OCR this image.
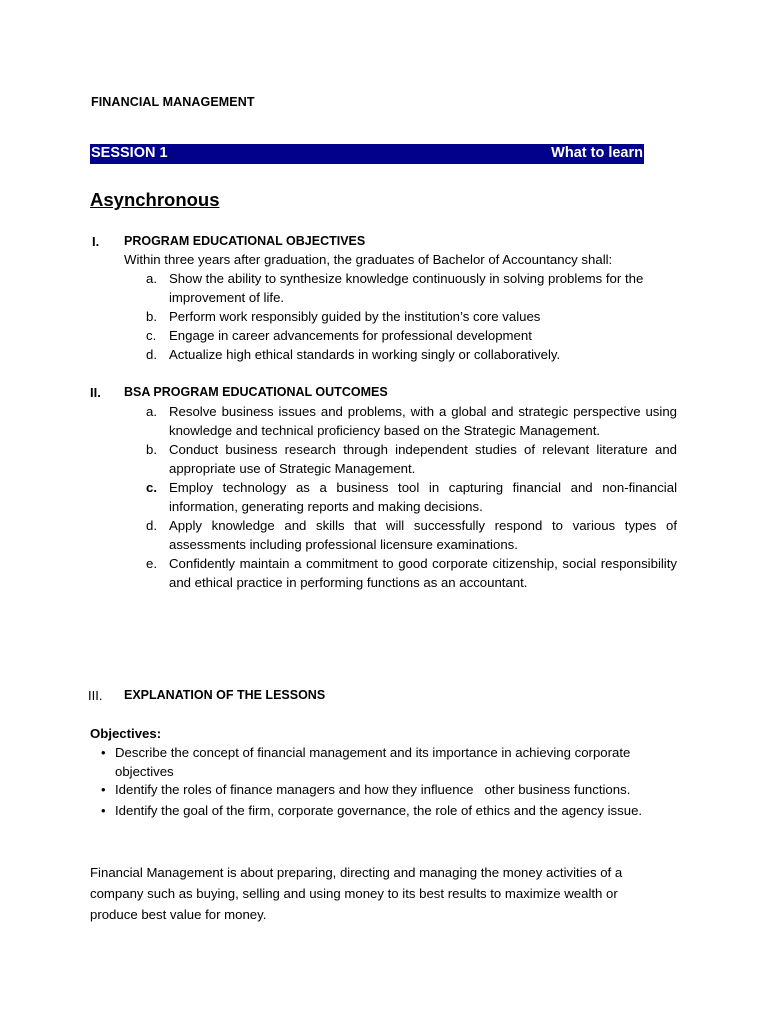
FINANCIAL MANAGEMENT
SESSION 1	What to learn
Asynchronous
I. PROGRAM EDUCATIONAL OBJECTIVES
Within three years after graduation, the graduates of Bachelor of Accountancy shall:
a. Show the ability to synthesize knowledge continuously in solving problems for the improvement of life.
b. Perform work responsibly guided by the institution’s core values
c. Engage in career advancements for professional development
d. Actualize high ethical standards in working singly or collaboratively.
II. BSA PROGRAM EDUCATIONAL OUTCOMES
a. Resolve business issues and problems, with a global and strategic perspective using knowledge and technical proficiency based on the Strategic Management.
b. Conduct business research through independent studies of relevant literature and appropriate use of Strategic Management.
c. Employ technology as a business tool in capturing financial and non-financial information, generating reports and making decisions.
d. Apply knowledge and skills that will successfully respond to various types of assessments including professional licensure examinations.
e. Confidently maintain a commitment to good corporate citizenship, social responsibility and ethical practice in performing functions as an accountant.
III. EXPLANATION OF THE LESSONS
Objectives:
• Describe the concept of financial management and its importance in achieving corporate objectives
• Identify the roles of finance managers and how they influence   other business functions.
• Identify the goal of the firm, corporate governance, the role of ethics and the agency issue.
Financial Management is about preparing, directing and managing the money activities of a company such as buying, selling and using money to its best results to maximize wealth or produce best value for money.
